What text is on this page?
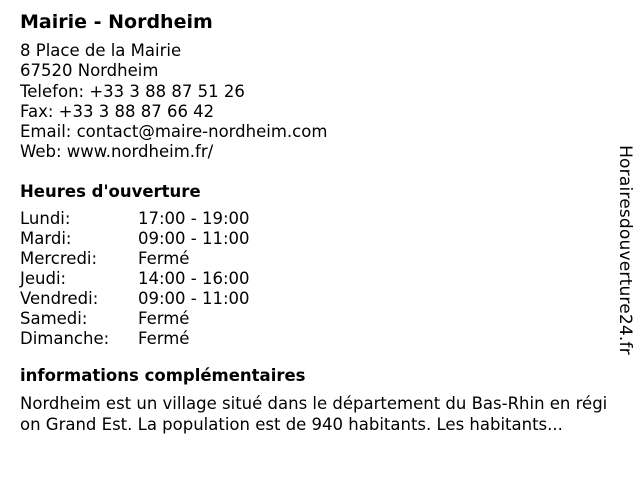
Mairie - Nordheim
8 Place de la Mairie
67520 Nordheim
Telefon: +33 3 88 87 51 26
Fax: +33 3 88 87 66 42
Email: contact@maire-nordheim.com
Web: www.nordheim.fr/
Heures d'ouverture
Lundi:	17:00 - 19:00
Mardi:	09:00 - 11:00
Mercredi:	Fermé
Jeudi:	14:00 - 16:00
Vendredi:	09:00 - 11:00
Samedi:	Fermé
Dimanche:	Fermé
informations complémentaires
Nordheim est un village situé dans le département du Bas-Rhin en région Grand Est. La population est de 940 habitants. Les habitants...
Horairesdouverture24.fr
